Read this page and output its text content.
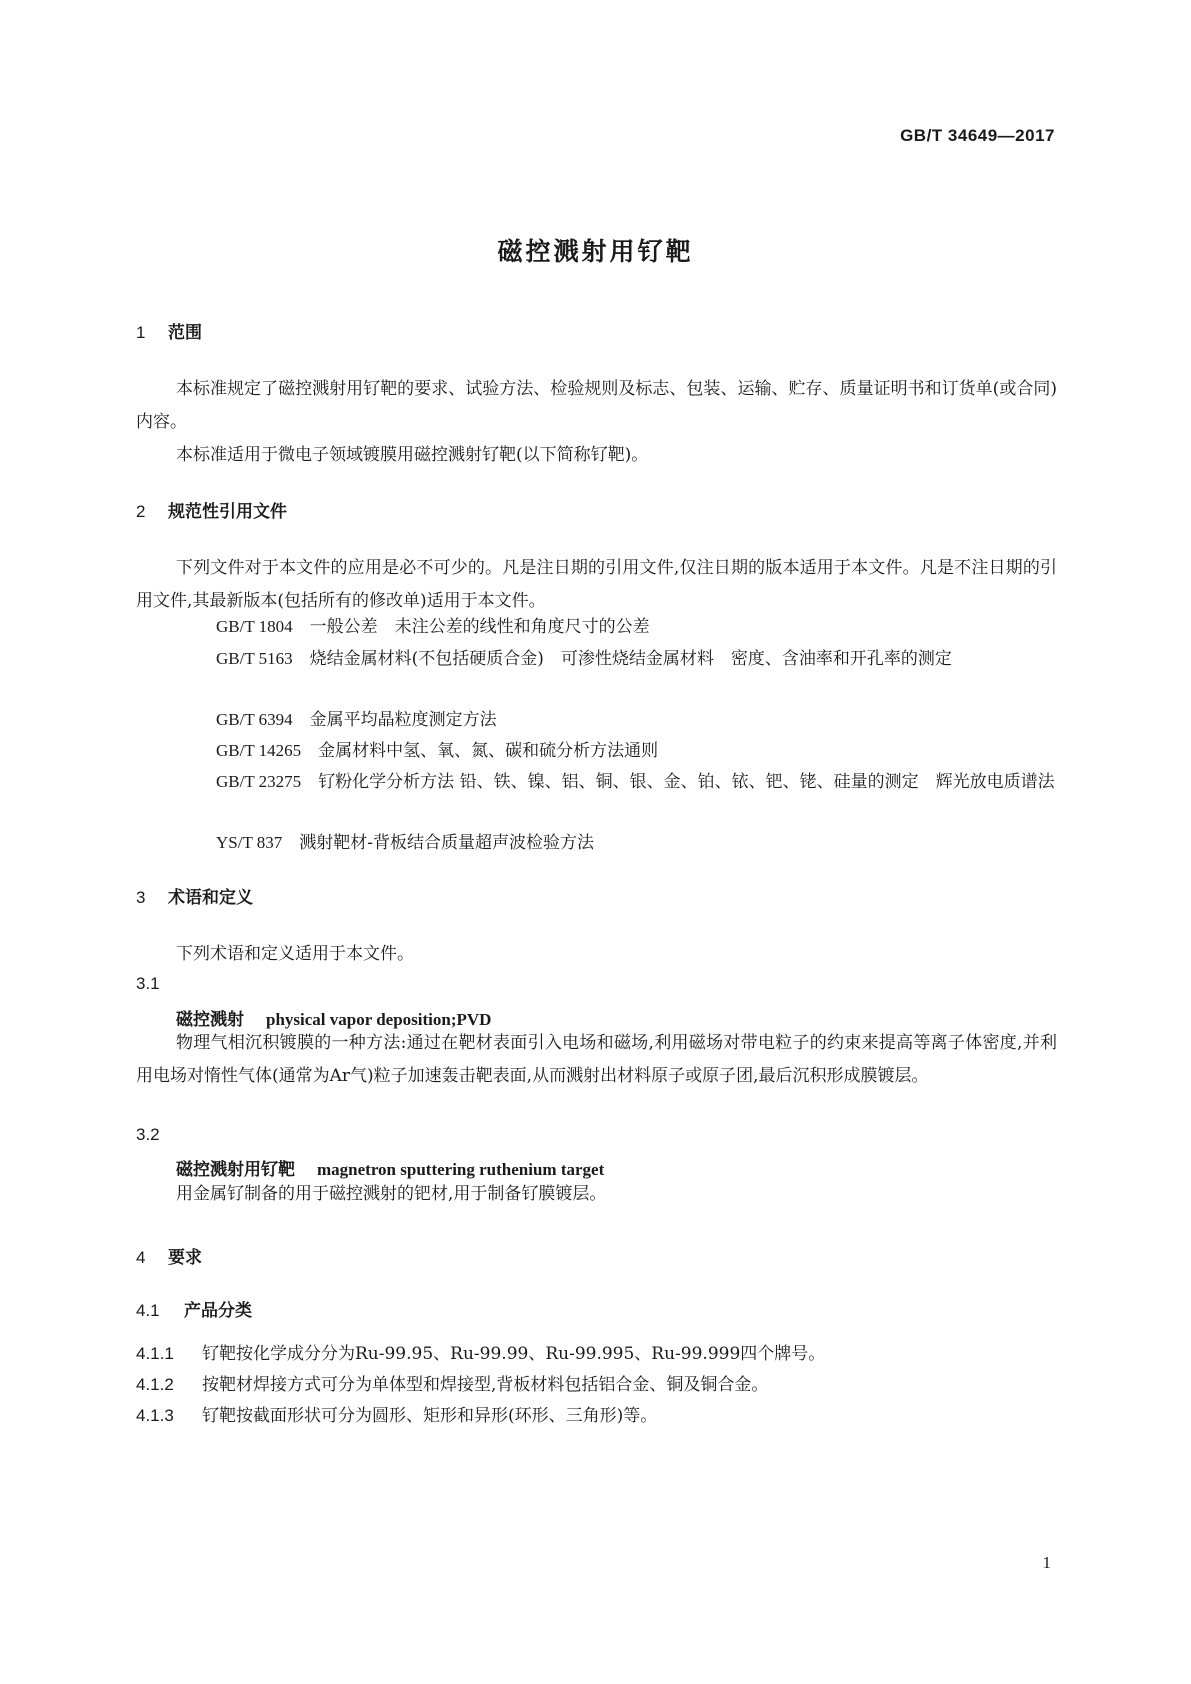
GB/T 34649—2017
磁控溅射用钌靶
1 范围
本标准规定了磁控溅射用钌靶的要求、试验方法、检验规则及标志、包装、运输、贮存、质量证明书和订货单(或合同)内容。
本标准适用于微电子领域镀膜用磁控溅射钌靶(以下简称钌靶)。
2 规范性引用文件
下列文件对于本文件的应用是必不可少的。凡是注日期的引用文件,仅注日期的版本适用于本文件。凡是不注日期的引用文件,其最新版本(包括所有的修改单)适用于本文件。
GB/T 1804　 一般公差　未注公差的线性和角度尺寸的公差
GB/T 5163　 烧结金属材料(不包括硬质合金)　可渗性烧结金属材料　密度、含油率和开孔率的测定
GB/T 6394　 金属平均晶粒度测定方法
GB/T 14265　 金属材料中氢、氧、氮、碳和硫分析方法通则
GB/T 23275　 钌粉化学分析方法 铅、铁、镍、铝、铜、银、金、铂、铱、钯、铑、硅量的测定　辉光放电质谱法
YS/T 837　 溅射靶材-背板结合质量超声波检验方法
3 术语和定义
下列术语和定义适用于本文件。
3.1
磁控溅射 physical vapor deposition;PVD
物理气相沉积镀膜的一种方法:通过在靶材表面引入电场和磁场,利用磁场对带电粒子的约束来提高等离子体密度,并利用电场对惰性气体(通常为Ar气)粒子加速轰击靶表面,从而溅射出材料原子或原子团,最后沉积形成膜镀层。
3.2
磁控溅射用钌靶 magnetron sputtering ruthenium target
用金属钌制备的用于磁控溅射的钯材,用于制备钌膜镀层。
4 要求
4.1 产品分类
4.1.1 钌靶按化学成分分为Ru-99.95、Ru-99.99、Ru-99.995、Ru-99.999四个牌号。
4.1.2 按靶材焊接方式可分为单体型和焊接型,背板材料包括铝合金、铜及铜合金。
4.1.3 钌靶按截面形状可分为圆形、矩形和异形(环形、三角形)等。
1
